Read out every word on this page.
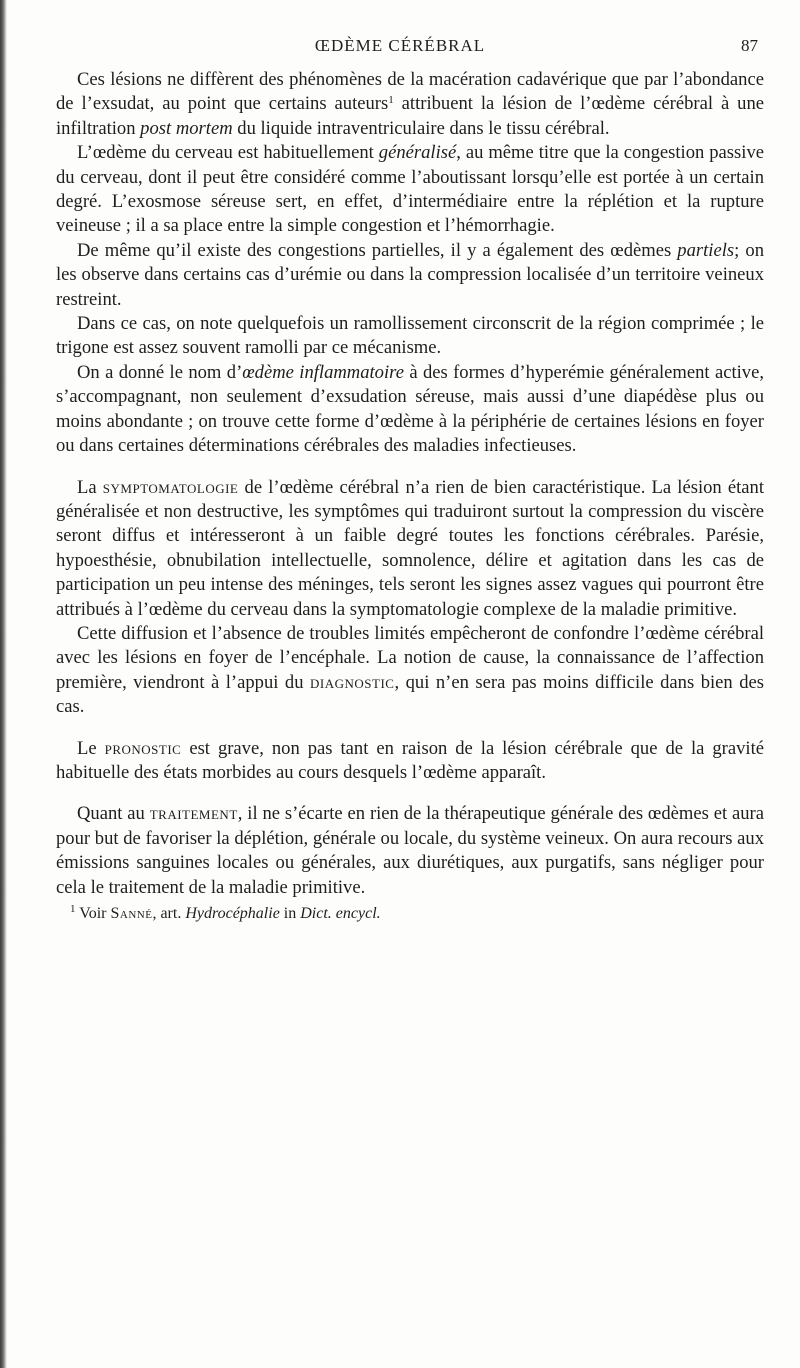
ŒDÈME CÉRÉBRAL	87

Ces lésions ne diffèrent des phénomènes de la macération cadavérique que par l’abondance de l’exsudat, au point que certains auteurs$^1$ attribuent la lésion de l’œdème cérébral à une infiltration post mortem du liquide intraventriculaire dans le tissu cérébral.

L’œdème du cerveau est habituellement généralisé, au même titre que la congestion passive du cerveau, dont il peut être considéré comme l’aboutissant lorsqu’elle est portée à un certain degré. L’exosmose séreuse sert, en effet, d’intermédiaire entre la réplétion et la rupture veineuse ; il a sa place entre la simple congestion et l’hémorrhagie.

De même qu’il existe des congestions partielles, il y a également des œdèmes partiels; on les observe dans certains cas d’urémie ou dans la compression localisée d’un territoire veineux restreint.

Dans ce cas, on note quelquefois un ramollissement circonscrit de la région comprimée ; le trigone est assez souvent ramolli par ce mécanisme.

On a donné le nom d’œdème inflammatoire à des formes d’hyperémie généralement active, s’accompagnant, non seulement d’exsudation séreuse, mais aussi d’une diapédèse plus ou moins abondante ; on trouve cette forme d’œdème à la périphérie de certaines lésions en foyer ou dans certaines déterminations cérébrales des maladies infectieuses.

La symptomatologie de l’œdème cérébral n’a rien de bien caractéristique. La lésion étant généralisée et non destructive, les symptômes qui traduiront surtout la compression du viscère seront diffus et intéresseront à un faible degré toutes les fonctions cérébrales. Parésie, hypoesthésie, obnubilation intellectuelle, somnolence, délire et agitation dans les cas de participation un peu intense des méninges, tels seront les signes assez vagues qui pourront être attribués à l’œdème du cerveau dans la symptomatologie complexe de la maladie primitive.

Cette diffusion et l’absence de troubles limités empêcheront de confondre l’œdème cérébral avec les lésions en foyer de l’encéphale. La notion de cause, la connaissance de l’affection première, viendront à l’appui du diagnostic, qui n’en sera pas moins difficile dans bien des cas.

Le pronostic est grave, non pas tant en raison de la lésion cérébrale que de la gravité habituelle des états morbides au cours desquels l’œdème apparaît.

Quant au traitement, il ne s’écarte en rien de la thérapeutique générale des œdèmes et aura pour but de favoriser la déplétion, générale ou locale, du système veineux. On aura recours aux émissions sanguines locales ou générales, aux diurétiques, aux purgatifs, sans négliger pour cela le traitement de la maladie primitive.

$^1$ Voir Sanné, art. Hydrocéphalie in Dict. encycl.
